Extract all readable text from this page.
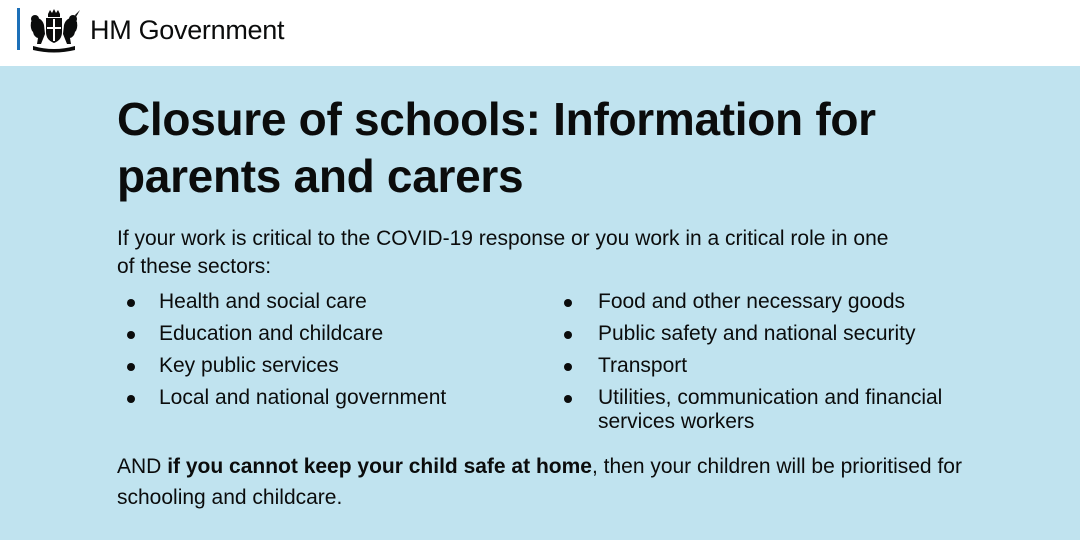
HM Government
Closure of schools: Information for parents and carers

If your work is critical to the COVID-19 response or you work in a critical role in one of these sectors:

Health and social care
Education and childcare
Key public services
Local and national government
Food and other necessary goods
Public safety and national security
Transport
Utilities, communication and financial services workers

AND if you cannot keep your child safe at home, then your children will be prioritised for schooling and childcare.
